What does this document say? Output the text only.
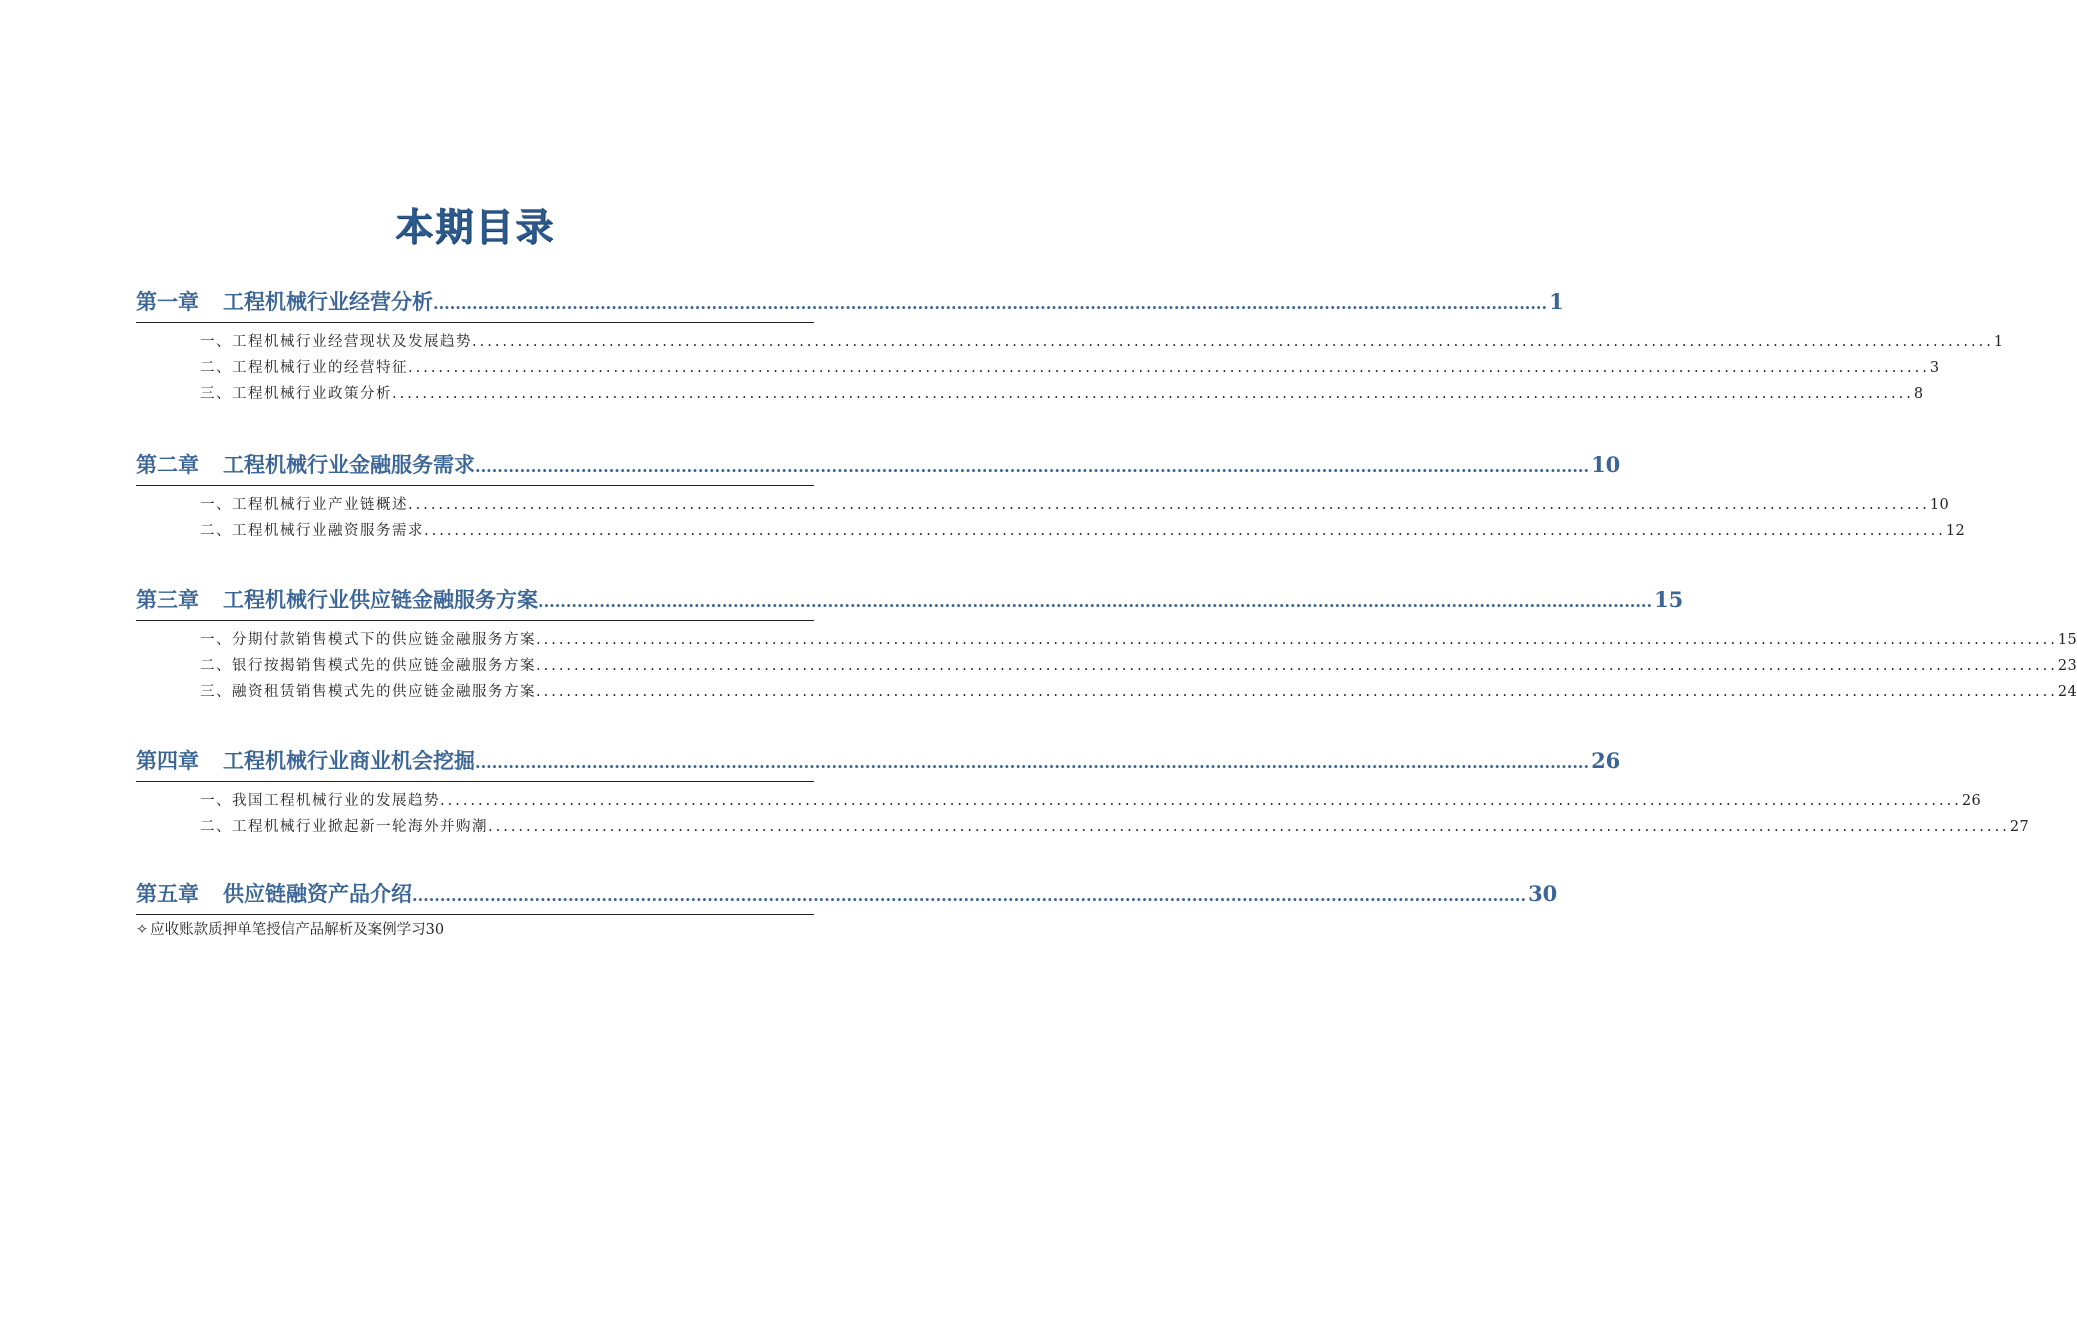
本期目录
第一章 工程机械行业经营分析 ........................................................................................................................................................................................................ 1
一、工程机械行业经营现状及发展趋势 ........................................................................................................................................................................................................ 1
二、工程机械行业的经营特征 ........................................................................................................................................................................................................ 3
三、工程机械行业政策分析 ........................................................................................................................................................................................................ 8
第二章 工程机械行业金融服务需求 ........................................................................................................................................................................................................ 10
一、工程机械行业产业链概述 ........................................................................................................................................................................................................ 10
二、工程机械行业融资服务需求 ........................................................................................................................................................................................................ 12
第三章 工程机械行业供应链金融服务方案 ........................................................................................................................................................................................................ 15
一、分期付款销售模式下的供应链金融服务方案 ........................................................................................................................................................................................................ 15
二、银行按揭销售模式先的供应链金融服务方案 ........................................................................................................................................................................................................ 23
三、融资租赁销售模式先的供应链金融服务方案 ........................................................................................................................................................................................................ 24
第四章 工程机械行业商业机会挖掘 ........................................................................................................................................................................................................ 26
一、我国工程机械行业的发展趋势 ........................................................................................................................................................................................................ 26
二、工程机械行业掀起新一轮海外并购潮 ........................................................................................................................................................................................................ 27
第五章 供应链融资产品介绍 ........................................................................................................................................................................................................ 30
✧ 应收账款质押单笔授信产品解析及案例学习30
